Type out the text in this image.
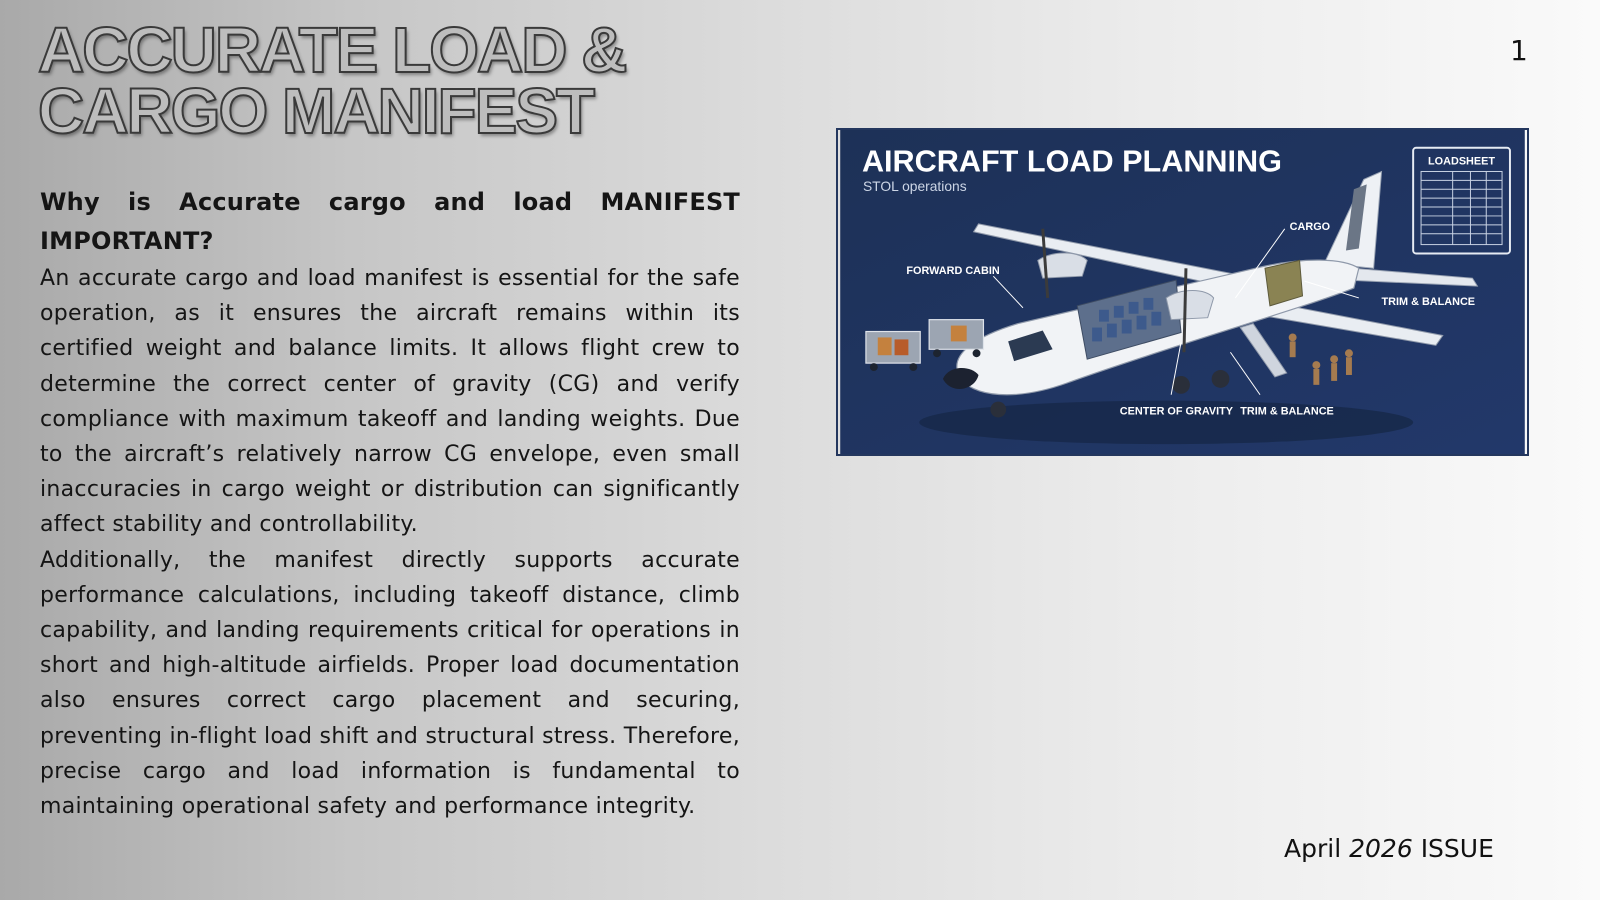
ACCURATE LOAD &
CARGO MANIFEST
1
Why is Accurate cargo and load MANIFEST IMPORTANT?

An accurate cargo and load manifest is essential for the safe operation, as it ensures the aircraft remains within its certified weight and balance limits. It allows flight crew to determine the correct center of gravity (CG) and verify compliance with maximum takeoff and landing weights. Due to the aircraft’s relatively narrow CG envelope, even small inaccuracies in cargo weight or distribution can significantly affect stability and controllability.

Additionally, the manifest directly supports accurate performance calculations, including takeoff distance, climb capability, and landing requirements critical for operations in short and high-altitude airfields. Proper load documentation also ensures correct cargo placement and securing, preventing in-flight load shift and structural stress. Therefore, precise cargo and load information is fundamental to maintaining operational safety and performance integrity.

AIRCRAFT LOAD PLANNING
STOL operations
LOADSHEET
CARGO
FORWARD CABIN
TRIM & BALANCE
CENTER OF GRAVITY TRIM & BALANCE
April 2026 ISSUE
